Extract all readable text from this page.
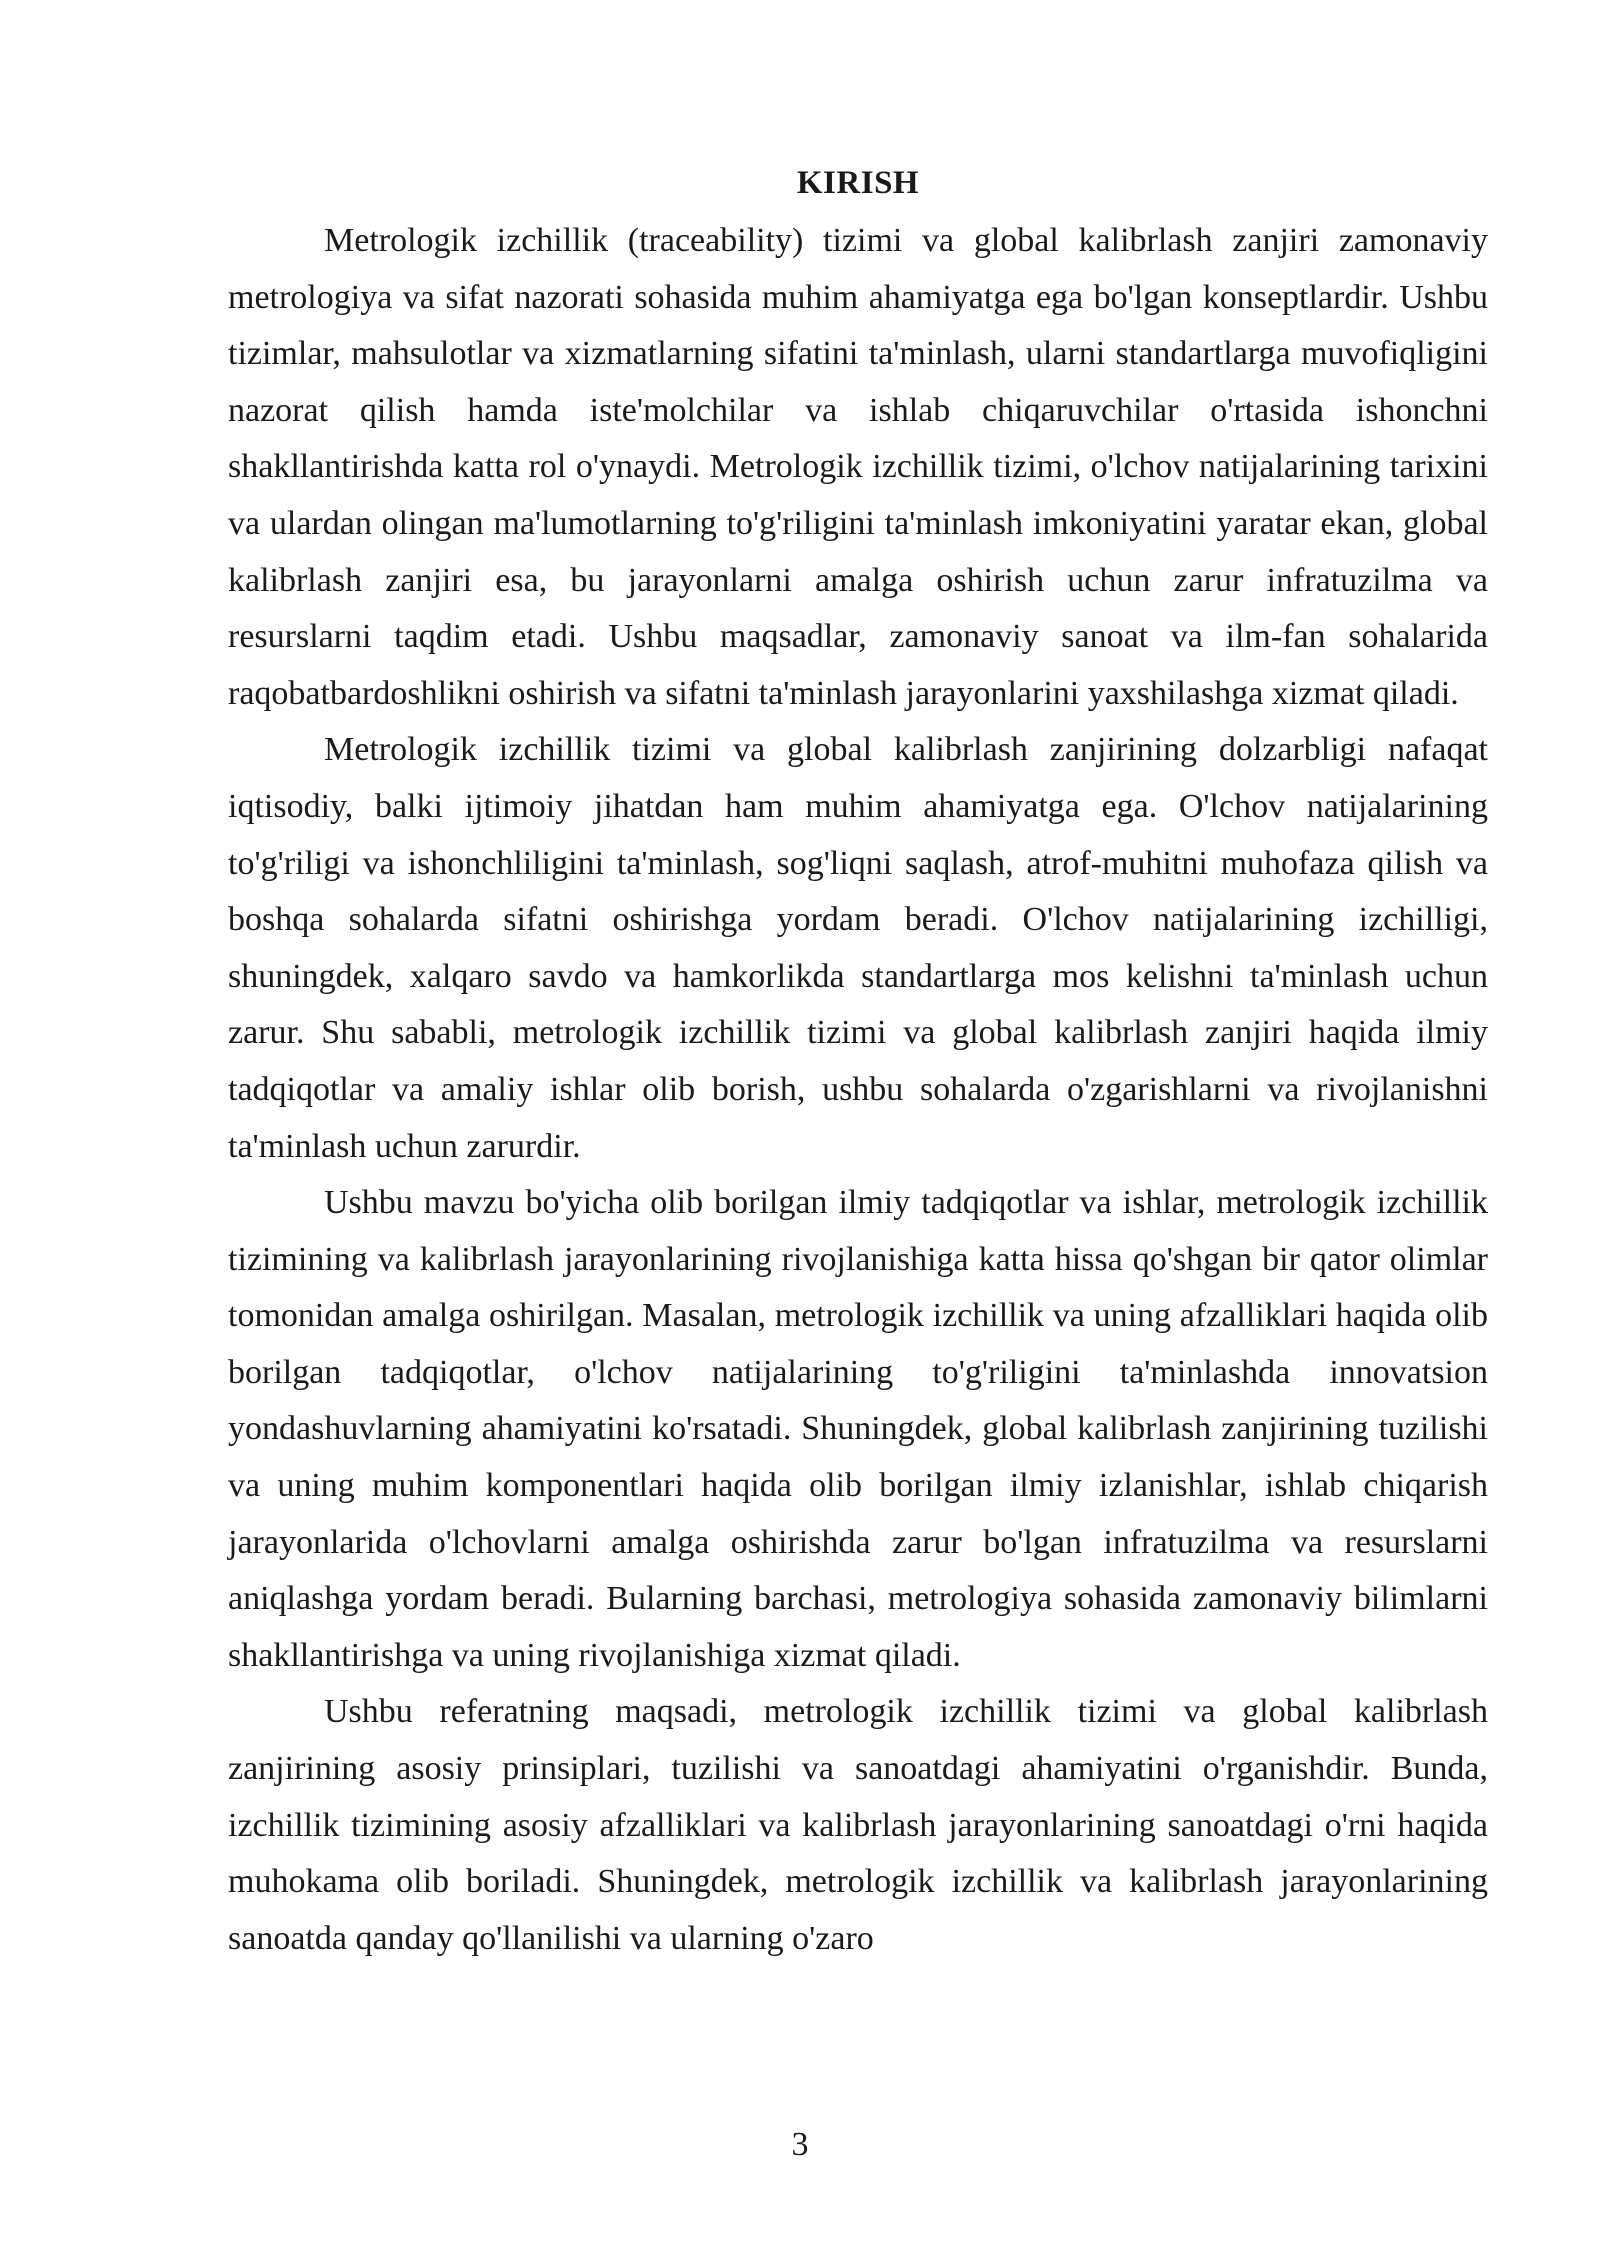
KIRISH

Metrologik izchillik (traceability) tizimi va global kalibrlash zanjiri zamonaviy metrologiya va sifat nazorati sohasida muhim ahamiyatga ega bo'lgan konseptlardir. Ushbu tizimlar, mahsulotlar va xizmatlarning sifatini ta'minlash, ularni standartlarga muvofiqligini nazorat qilish hamda iste'molchilar va ishlab chiqaruvchilar o'rtasida ishonchni shakllantirishda katta rol o'ynaydi. Metrologik izchillik tizimi, o'lchov natijalarining tarixini va ulardan olingan ma'lumotlarning to'g'riligini ta'minlash imkoniyatini yaratar ekan, global kalibrlash zanjiri esa, bu jarayonlarni amalga oshirish uchun zarur infratuzilma va resurslarni taqdim etadi. Ushbu maqsadlar, zamonaviy sanoat va ilm-fan sohalarida raqobatbardoshlikni oshirish va sifatni ta'minlash jarayonlarini yaxshilashga xizmat qiladi.

Metrologik izchillik tizimi va global kalibrlash zanjirining dolzarbligi nafaqat iqtisodiy, balki ijtimoiy jihatdan ham muhim ahamiyatga ega. O'lchov natijalarining to'g'riligi va ishonchliligini ta'minlash, sog'liqni saqlash, atrof-muhitni muhofaza qilish va boshqa sohalarda sifatni oshirishga yordam beradi. O'lchov natijalarining izchilligi, shuningdek, xalqaro savdo va hamkorlikda standartlarga mos kelishni ta'minlash uchun zarur. Shu sababli, metrologik izchillik tizimi va global kalibrlash zanjiri haqida ilmiy tadqiqotlar va amaliy ishlar olib borish, ushbu sohalarda o'zgarishlarni va rivojlanishni ta'minlash uchun zarurdir.

Ushbu mavzu bo'yicha olib borilgan ilmiy tadqiqotlar va ishlar, metrologik izchillik tizimining va kalibrlash jarayonlarining rivojlanishiga katta hissa qo'shgan bir qator olimlar tomonidan amalga oshirilgan. Masalan, metrologik izchillik va uning afzalliklari haqida olib borilgan tadqiqotlar, o'lchov natijalarining to'g'riligini ta'minlashda innovatsion yondashuvlarning ahamiyatini ko'rsatadi. Shuningdek, global kalibrlash zanjirining tuzilishi va uning muhim komponentlari haqida olib borilgan ilmiy izlanishlar, ishlab chiqarish jarayonlarida o'lchovlarni amalga oshirishda zarur bo'lgan infratuzilma va resurslarni aniqlashga yordam beradi. Bularning barchasi, metrologiya sohasida zamonaviy bilimlarni shakllantirishga va uning rivojlanishiga xizmat qiladi.

Ushbu referatning maqsadi, metrologik izchillik tizimi va global kalibrlash zanjirining asosiy prinsiplari, tuzilishi va sanoatdagi ahamiyatini o'rganishdir. Bunda, izchillik tizimining asosiy afzalliklari va kalibrlash jarayonlarining sanoatdagi o'rni haqida muhokama olib boriladi. Shuningdek, metrologik izchillik va kalibrlash jarayonlarining sanoatda qanday qo'llanilishi va ularning o'zaro

3
